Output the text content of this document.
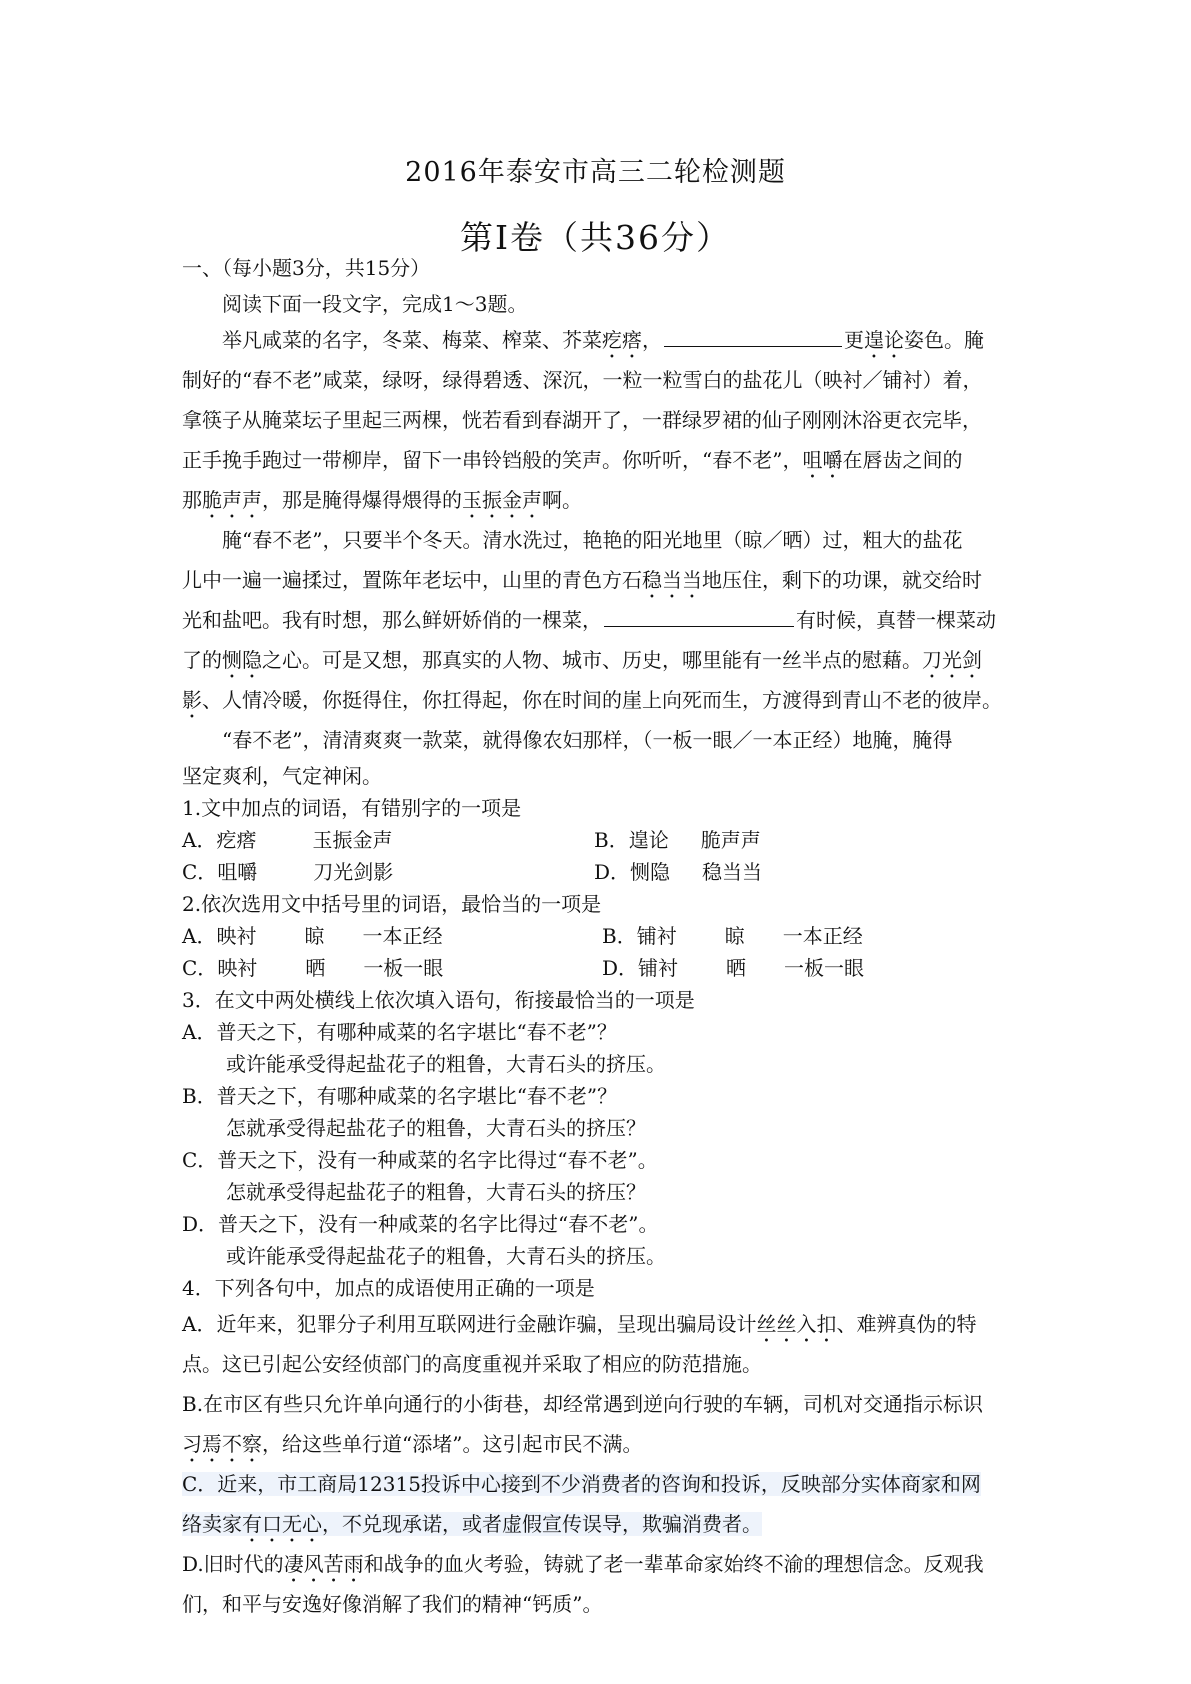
2016年泰安市高三二轮检测题
第Ⅰ卷（共36分）
一、（每小题3分，共15分）
阅读下面一段文字，完成1～3题。
举凡咸菜的名字，冬菜、梅菜、榨菜、芥菜疙瘩，	更遑论姿色。腌
制好的“春不老”咸菜，绿呀，绿得碧透、深沉，一粒一粒雪白的盐花儿（映衬／铺衬）着，
拿筷子从腌菜坛子里起三两棵，恍若看到春湖开了，一群绿罗裙的仙子刚刚沐浴更衣完毕，
正手挽手跑过一带柳岸，留下一串铃铛般的笑声。你听听，“春不老”，咀嚼在唇齿之间的
那脆声声，那是腌得爆得煨得的玉振金声啊。
腌“春不老”，只要半个冬天。清水洗过，艳艳的阳光地里（晾／晒）过，粗大的盐花
儿中一遍一遍揉过，置陈年老坛中，山里的青色方石稳当当地压住，剩下的功课，就交给时
光和盐吧。我有时想，那么鲜妍娇俏的一棵菜，	有时候，真替一棵菜动
了的恻隐之心。可是又想，那真实的人物、城市、历史，哪里能有一丝半点的慰藉。刀光剑
影、人情冷暖，你挺得住，你扛得起，你在时间的崖上向死而生，方渡得到青山不老的彼岸。
“春不老”，清清爽爽一款菜，就得像农妇那样，（一板一眼／一本正经）地腌，腌得
坚定爽利，气定神闲。
1.文中加点的词语，有错别字的一项是
A．疙瘩	玉振金声	B．遑论 脆声声
C．咀嚼	刀光剑影	D．恻隐 稳当当
2.依次选用文中括号里的词语，最恰当的一项是
A．映衬 晾 一本正经	B．铺衬 晾 一本正经
C．映衬 晒 一板一眼	D．铺衬 晒 一板一眼
3．在文中两处横线上依次填入语句，衔接最恰当的一项是
A．普天之下，有哪种咸菜的名字堪比“春不老”？
或许能承受得起盐花子的粗鲁，大青石头的挤压。
B．普天之下，有哪种咸菜的名字堪比“春不老”？
怎就承受得起盐花子的粗鲁，大青石头的挤压？
C．普天之下，没有一种咸菜的名字比得过“春不老”。
怎就承受得起盐花子的粗鲁，大青石头的挤压？
D．普天之下，没有一种咸菜的名字比得过“春不老”。
或许能承受得起盐花子的粗鲁，大青石头的挤压。
4．下列各句中，加点的成语使用正确的一项是
A．近年来，犯罪分子利用互联网进行金融诈骗，呈现出骗局设计丝丝入扣、难辨真伪的特
点。这已引起公安经侦部门的高度重视并采取了相应的防范措施。
B.在市区有些只允许单向通行的小街巷，却经常遇到逆向行驶的车辆，司机对交通指示标识
习焉不察，给这些单行道“添堵”。这引起市民不满。
C．近来，市工商局12315投诉中心接到不少消费者的咨询和投诉，反映部分实体商家和网
络卖家有口无心，不兑现承诺，或者虚假宣传误导，欺骗消费者。
D.旧时代的凄风苦雨和战争的血火考验，铸就了老一辈革命家始终不渝的理想信念。反观我
们，和平与安逸好像消解了我们的精神“钙质”。
